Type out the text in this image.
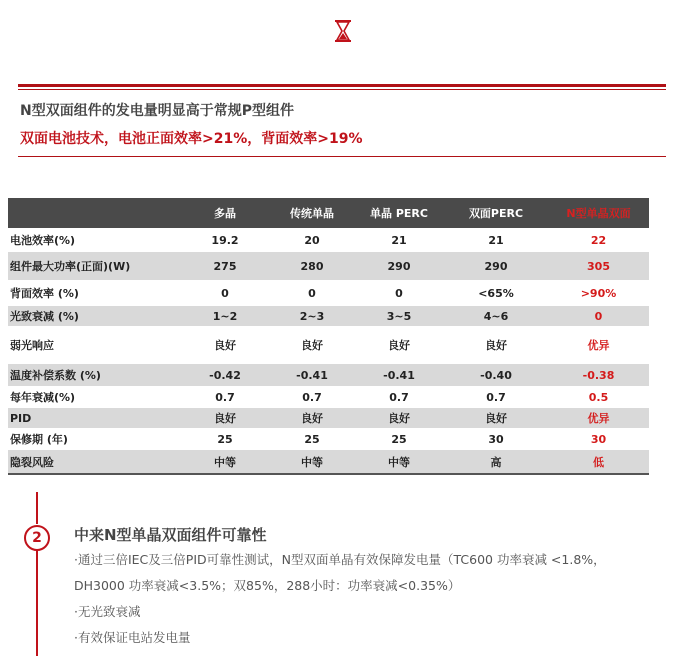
N型双面组件的发电量明显高于常规P型组件
双面电池技术，电池正面效率>21%，背面效率>19%
	多晶	传统单晶	单晶 PERC	双面PERC	N型单晶双面
电池效率(%)	19.2	20	21	21	22
组件最大功率(正面)(W)	275	280	290	290	305
背面效率 (%)	0	0	0	<65%	>90%
光致衰减 (%)	1~2	2~3	3~5	4~6	0
弱光响应	良好	良好	良好	良好	优异
温度补偿系数 (%)	-0.42	-0.41	-0.41	-0.40	-0.38
每年衰减(%)	0.7	0.7	0.7	0.7	0.5
PID	良好	良好	良好	良好	优异
保修期 (年)	25	25	25	30	30
隐裂风险	中等	中等	中等	高	低
2	中来N型单晶双面组件可靠性
·通过三倍IEC及三倍PID可靠性测试，N型双面单晶有效保障发电量（TC600 功率衰减 <1.8%，
DH3000 功率衰减<3.5%；双85%，288小时：功率衰减<0.35%）
·无光致衰减
·有效保证电站发电量
